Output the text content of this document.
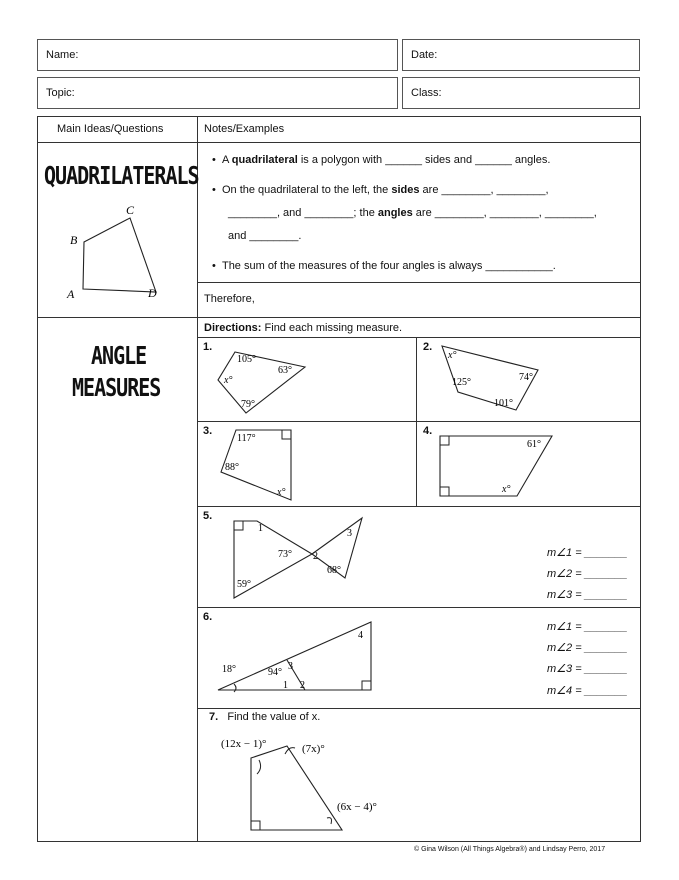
Name:	Date:
Topic:	Class:
Main Ideas/Questions	Notes/Examples
QUADRILATERALS
A
B
C
D
•  A quadrilateral is a polygon with ______ sides and ______ angles.
•  On the quadrilateral to the left, the sides are ________, ________,
________, and ________; the angles are ________, ________, ________,
and ________.
•  The sum of the measures of the four angles is always ___________.
Therefore,
ANGLE
MEASURES
Directions: Find each missing measure.
1.
105°
63°
x°
79°
2.
x°
74°
125°
101°
3.
117°
88°
x°
4.
61°
x°
5.
1	3
73° 2
68°
59°
m∠1 = _______
m∠2 = _______
m∠3 = _______
6.
4
18°	94°
3
1 2
m∠1 = _______
m∠2 = _______
m∠3 = _______
m∠4 = _______
7. Find the value of x.
(12x − 1)°	(7x)°
(6x − 4)°
© Gina Wilson (All Things Algebra®) and Lindsay Perro, 2017
